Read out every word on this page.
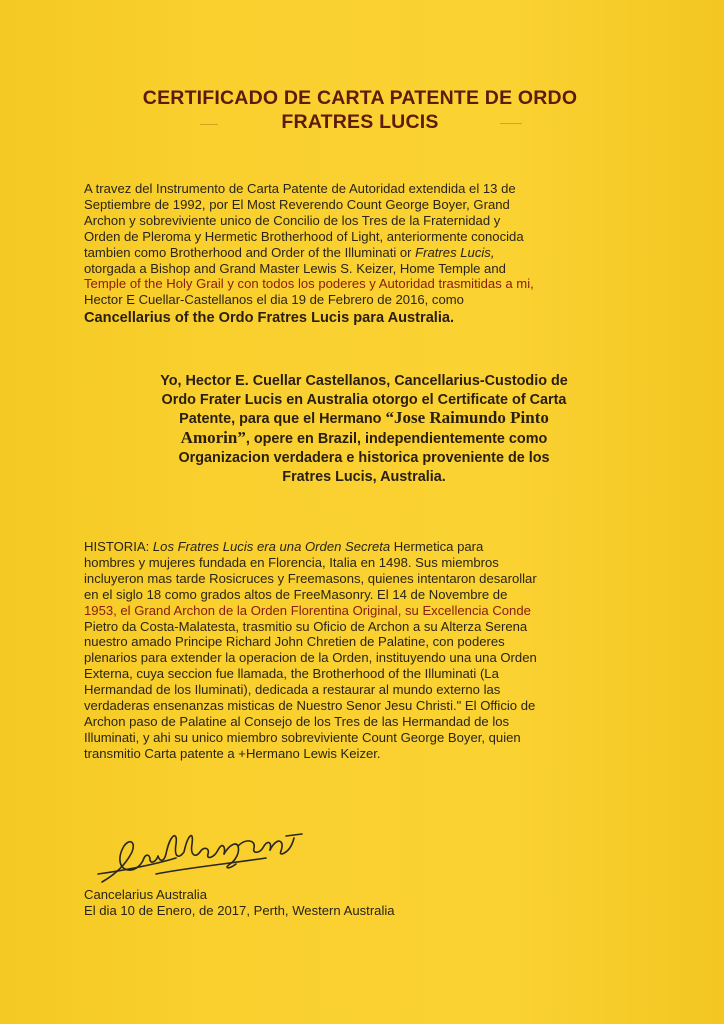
CERTIFICADO DE CARTA PATENTE DE ORDO
FRATRES LUCIS
A travez del Instrumento de Carta Patente de Autoridad extendida el 13 de
Septiembre de 1992, por El Most Reverendo Count George Boyer, Grand
Archon y sobreviviente unico de Concilio de los Tres de la Fraternidad y
Orden de Pleroma y Hermetic Brotherhood of Light, anteriormente conocida
tambien como Brotherhood and Order of the Illuminati or Fratres Lucis,
otorgada a Bishop and Grand Master Lewis S. Keizer, Home Temple and
Temple of the Holy Grail y con todos los poderes y Autoridad trasmitidas a mi,
Hector E Cuellar-Castellanos el dia 19 de Febrero de 2016, como
Cancellarius of the Ordo Fratres Lucis para Australia.
Yo, Hector E. Cuellar Castellanos, Cancellarius-Custodio de
Ordo Frater Lucis en Australia otorgo el Certificate of Carta
Patente, para que el Hermano “Jose Raimundo Pinto
Amorin”, opere en Brazil, independientemente como
Organizacion verdadera e historica proveniente de los
Fratres Lucis, Australia.
HISTORIA: Los Fratres Lucis era una Orden Secreta Hermetica para
hombres y mujeres fundada en Florencia, Italia en 1498. Sus miembros
incluyeron mas tarde Rosicruces y Freemasons, quienes intentaron desarollar
en el siglo 18 como grados altos de FreeMasonry. El 14 de Novembre de
1953, el Grand Archon de la Orden Florentina Original, su Excellencia Conde
Pietro da Costa-Malatesta, trasmitio su Oficio de Archon a su Alterza Serena
nuestro amado Principe Richard John Chretien de Palatine, con poderes
plenarios para extender la operacion de la Orden, instituyendo una una Orden
Externa, cuya seccion fue llamada, the Brotherhood of the Illuminati (La
Hermandad de los Iluminati), dedicada a restaurar al mundo externo las
verdaderas ensenanzas misticas de Nuestro Senor Jesu Christi." El Officio de
Archon paso de Palatine al Consejo de los Tres de las Hermandad de los
Illuminati, y ahi su unico miembro sobreviviente Count George Boyer, quien
transmitio Carta patente a +Hermano Lewis Keizer.
Cancelarius Australia
El dia 10 de Enero, de 2017, Perth, Western Australia
